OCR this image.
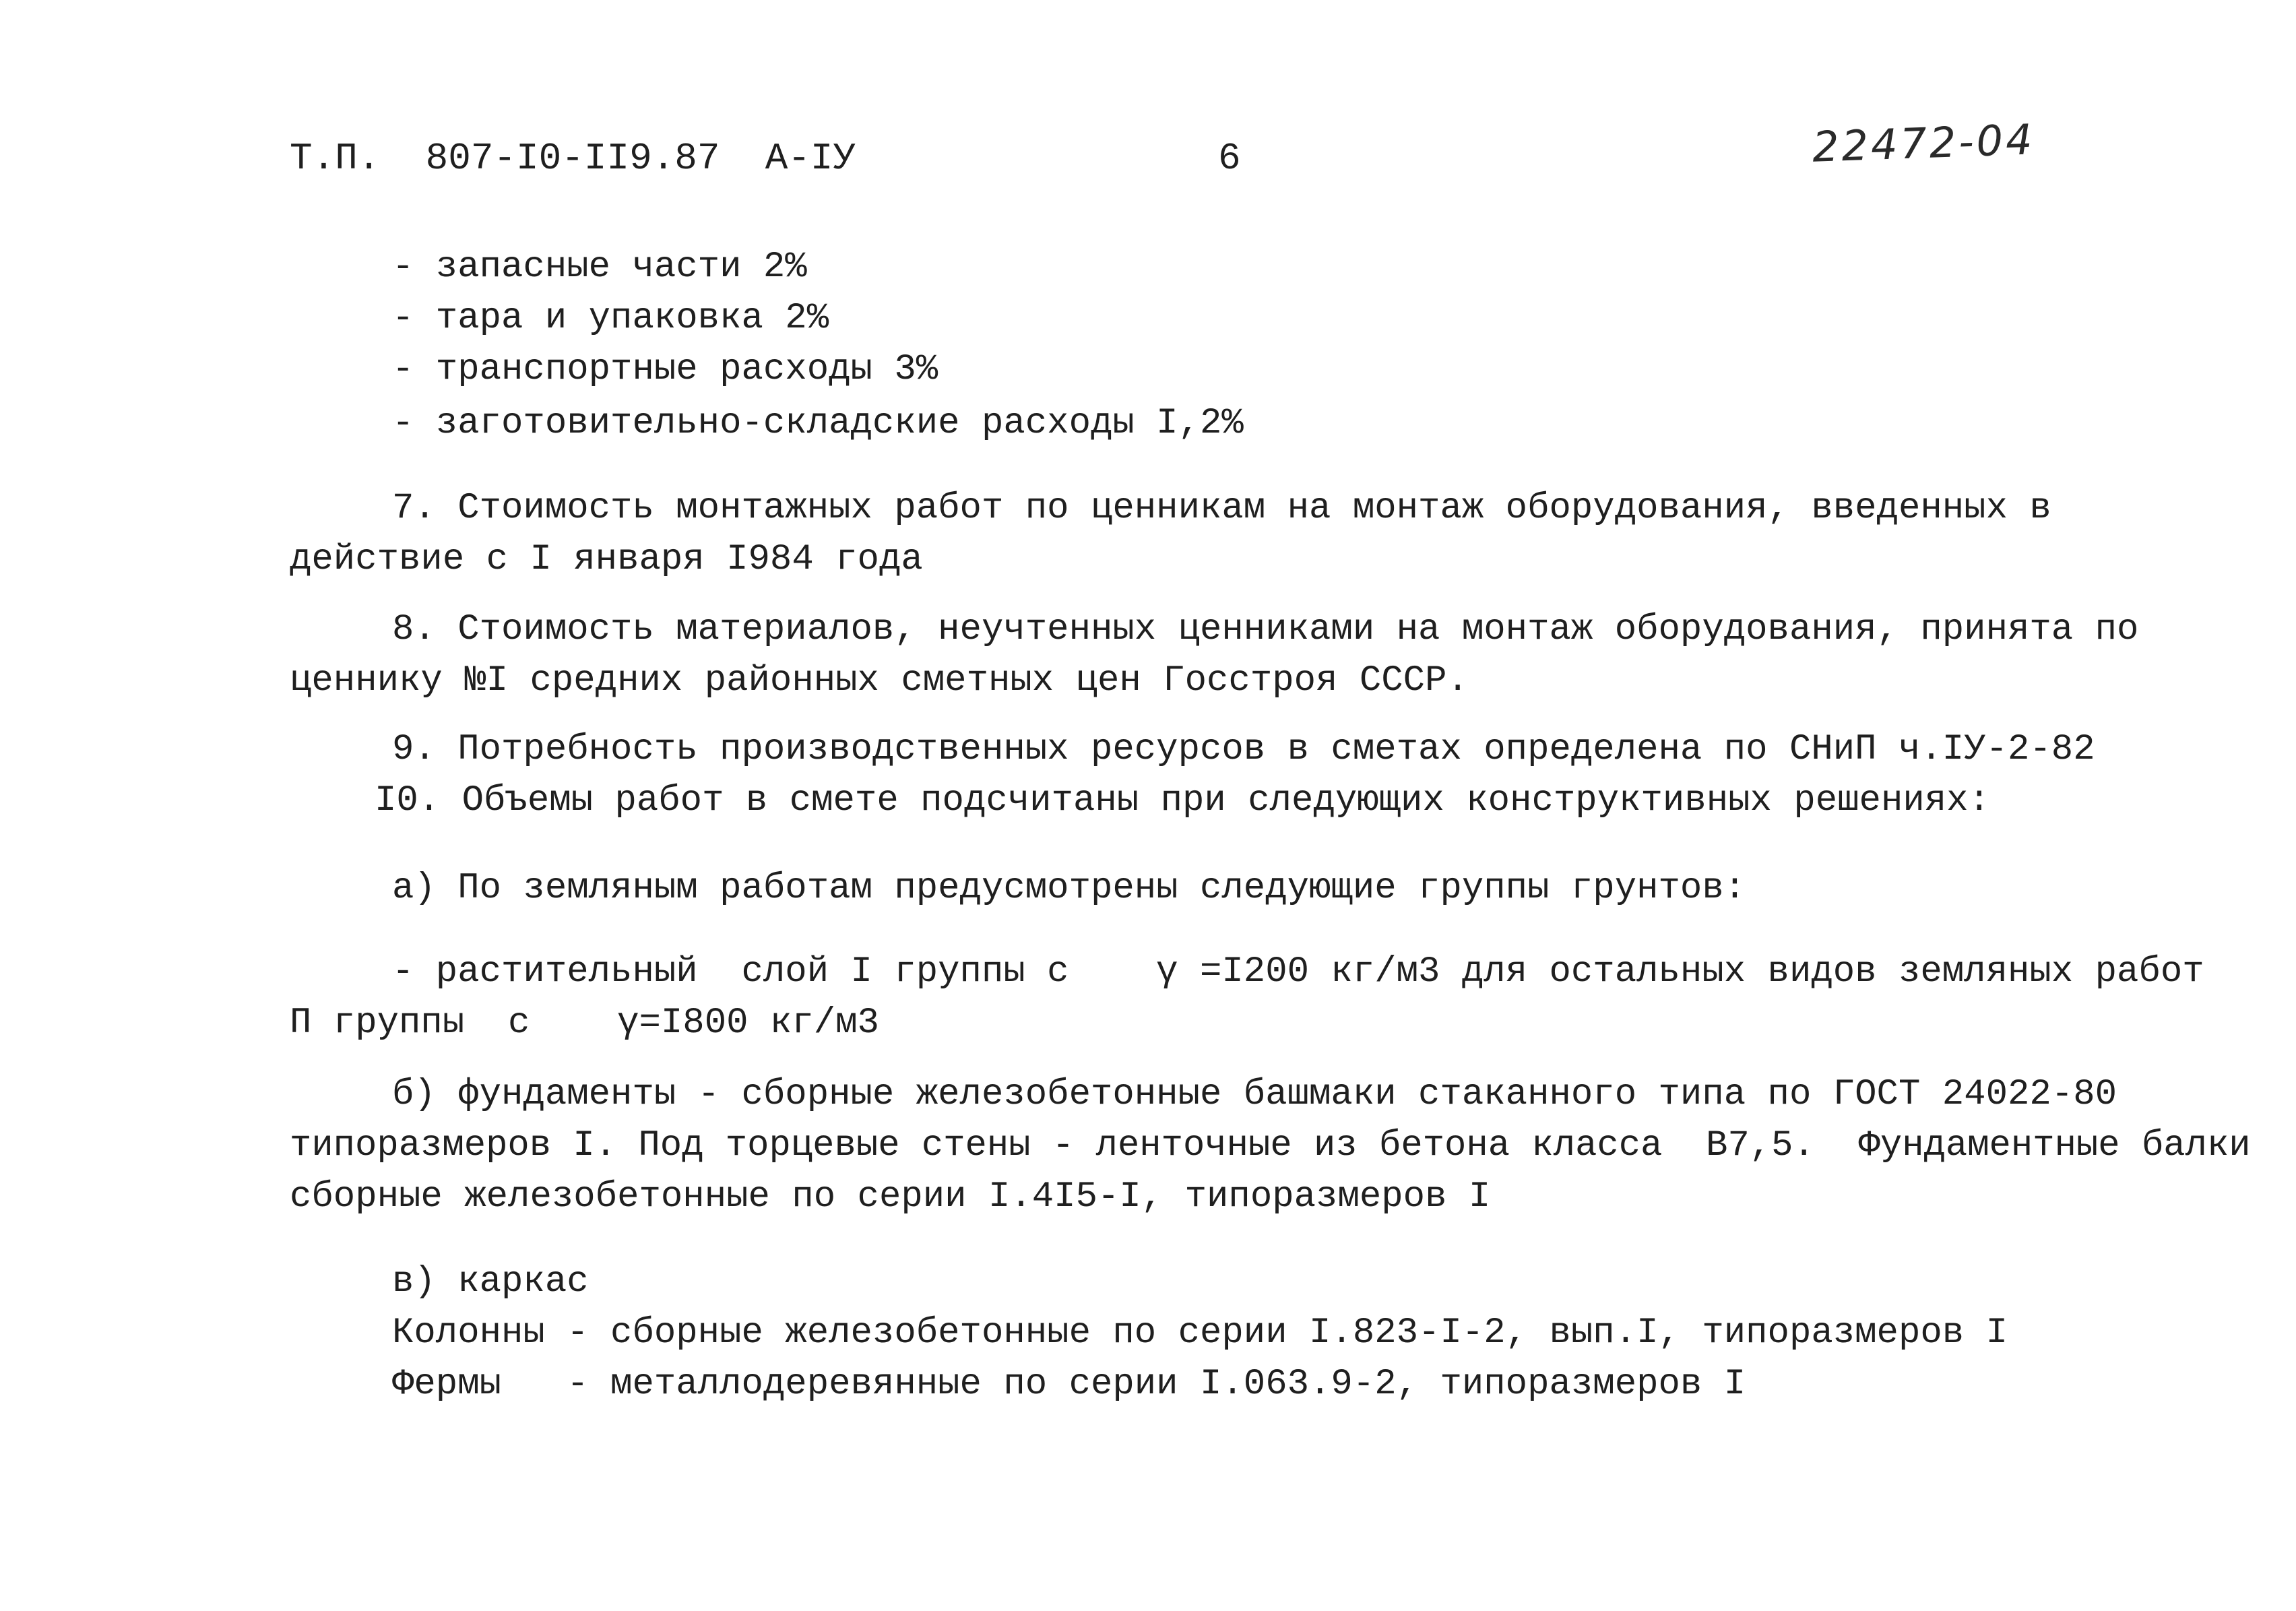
Т.П.  807-I0-II9.87  А-IУ	6	22472-04
- запасные части 2%
- тара и упаковка 2%
- транспортные расходы 3%
- заготовительно-складские расходы I,2%
7. Стоимость монтажных работ по ценникам на монтаж оборудования, введенных в
действие с I января I984 года
8. Стоимость материалов, неучтенных ценниками на монтаж оборудования, принята по
ценнику №I средних районных сметных цен Госстроя СССР.
9. Потребность производственных ресурсов в сметах определена по СНиП ч.IУ-2-82
I0. Объемы работ в смете подсчитаны при следующих конструктивных решениях:
а) По земляным работам предусмотрены следующие группы грунтов:
- растительный  слой I группы с    γ =I200 кг/м3 для остальных видов земляных работ
П группы  с    γ=I800 кг/м3
б) фундаменты - сборные железобетонные башмаки стаканного типа по ГОСТ 24022-80
типоразмеров I. Под торцевые стены - ленточные из бетона класса  В7,5.  Фундаментные балки
сборные железобетонные по серии I.4I5-I, типоразмеров I
в) каркас
Колонны - сборные железобетонные по серии I.823-I-2, вып.I, типоразмеров I
Фермы   - металлодеревянные по серии I.063.9-2, типоразмеров I
